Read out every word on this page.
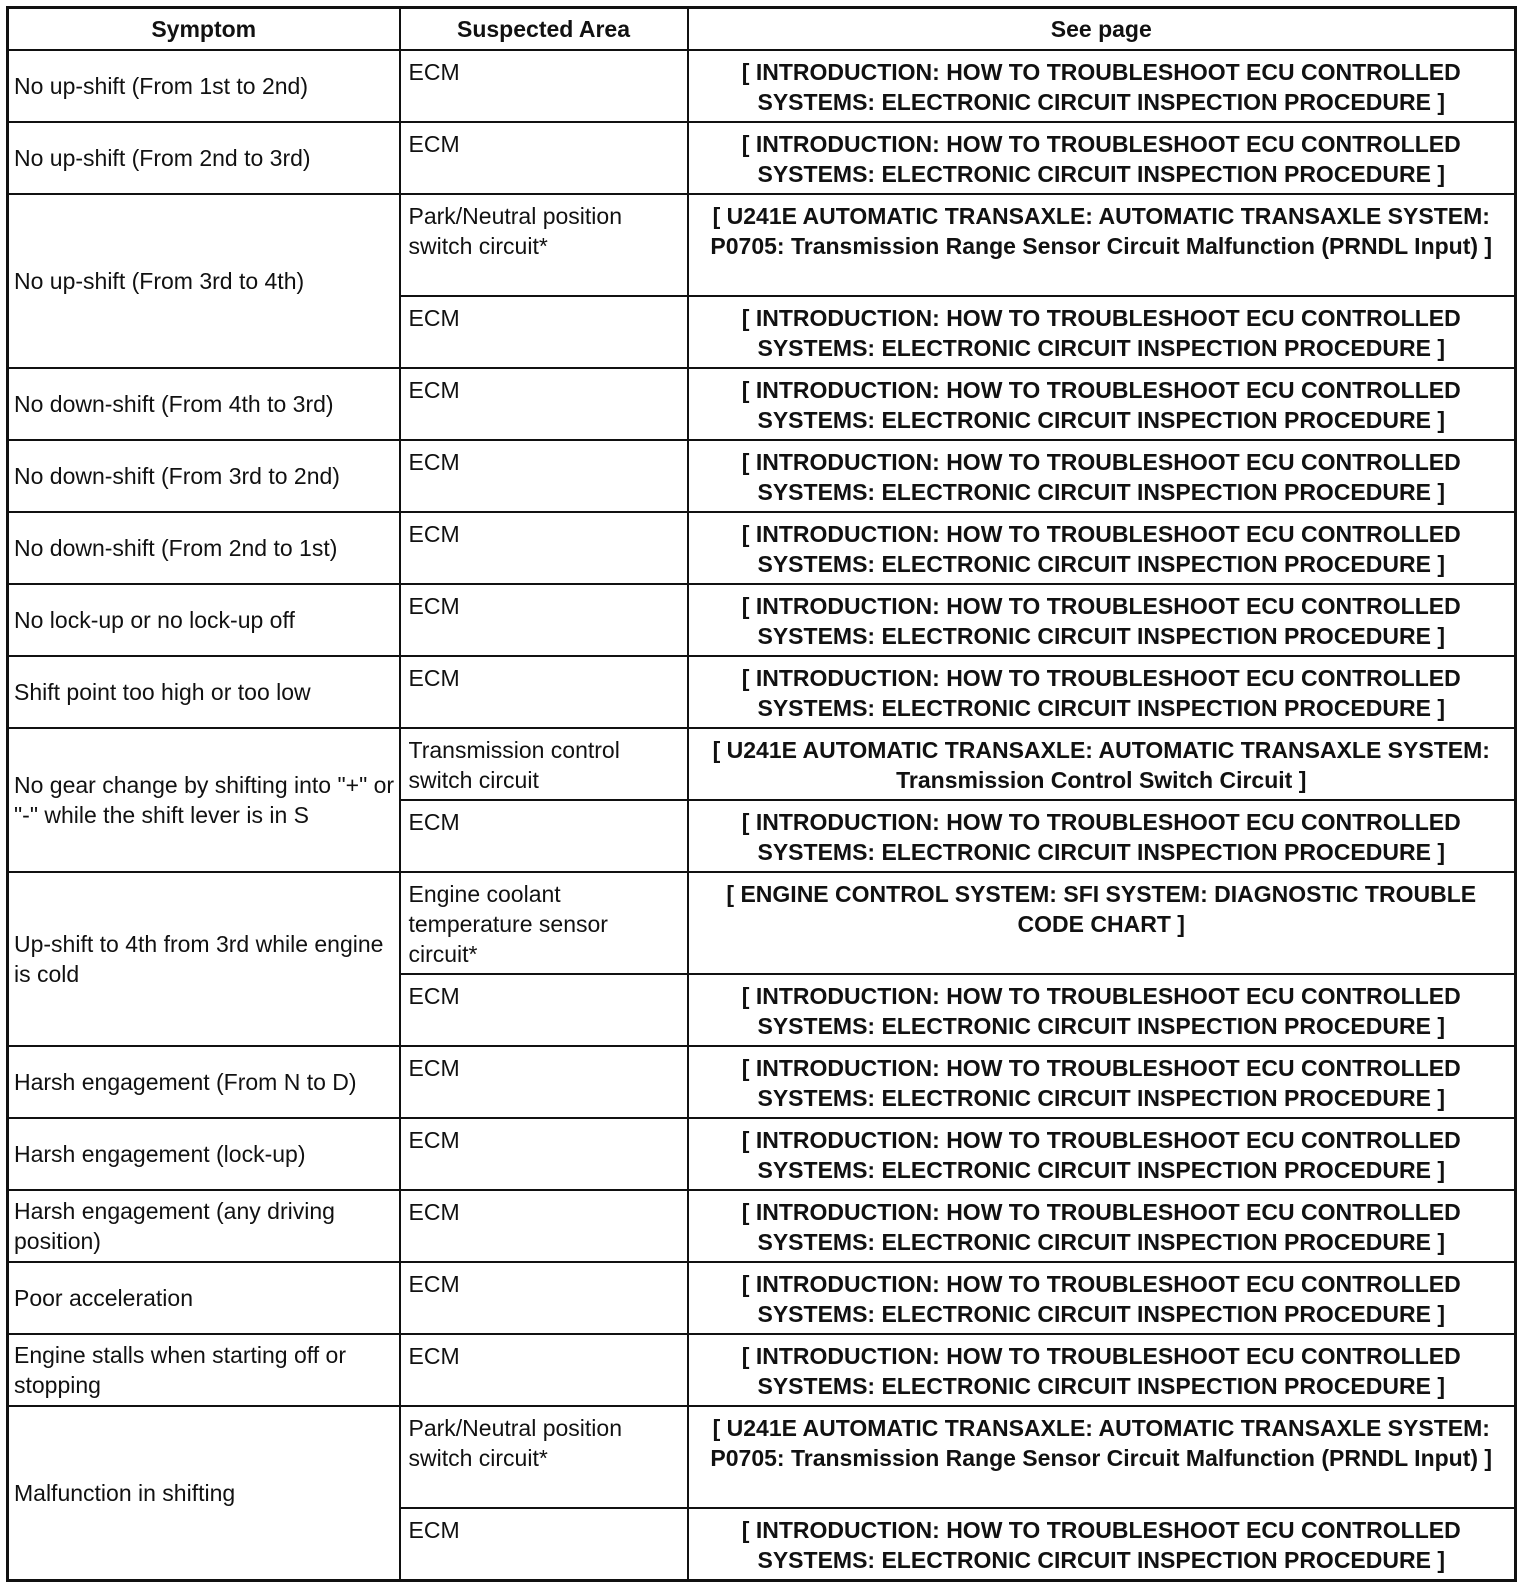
Symptom	Suspected Area	See page
No up-shift (From 1st to 2nd)	ECM	[ INTRODUCTION: HOW TO TROUBLESHOOT ECU CONTROLLED SYSTEMS: ELECTRONIC CIRCUIT INSPECTION PROCEDURE ]
No up-shift (From 2nd to 3rd)	ECM	[ INTRODUCTION: HOW TO TROUBLESHOOT ECU CONTROLLED SYSTEMS: ELECTRONIC CIRCUIT INSPECTION PROCEDURE ]
No up-shift (From 3rd to 4th)	Park/Neutral position switch circuit*	[ U241E AUTOMATIC TRANSAXLE: AUTOMATIC TRANSAXLE SYSTEM: P0705: Transmission Range Sensor Circuit Malfunction (PRNDL Input) ]
	ECM	[ INTRODUCTION: HOW TO TROUBLESHOOT ECU CONTROLLED SYSTEMS: ELECTRONIC CIRCUIT INSPECTION PROCEDURE ]
No down-shift (From 4th to 3rd)	ECM	[ INTRODUCTION: HOW TO TROUBLESHOOT ECU CONTROLLED SYSTEMS: ELECTRONIC CIRCUIT INSPECTION PROCEDURE ]
No down-shift (From 3rd to 2nd)	ECM	[ INTRODUCTION: HOW TO TROUBLESHOOT ECU CONTROLLED SYSTEMS: ELECTRONIC CIRCUIT INSPECTION PROCEDURE ]
No down-shift (From 2nd to 1st)	ECM	[ INTRODUCTION: HOW TO TROUBLESHOOT ECU CONTROLLED SYSTEMS: ELECTRONIC CIRCUIT INSPECTION PROCEDURE ]
No lock-up or no lock-up off	ECM	[ INTRODUCTION: HOW TO TROUBLESHOOT ECU CONTROLLED SYSTEMS: ELECTRONIC CIRCUIT INSPECTION PROCEDURE ]
Shift point too high or too low	ECM	[ INTRODUCTION: HOW TO TROUBLESHOOT ECU CONTROLLED SYSTEMS: ELECTRONIC CIRCUIT INSPECTION PROCEDURE ]
No gear change by shifting into "+" or "-" while the shift lever is in S	Transmission control switch circuit	[ U241E AUTOMATIC TRANSAXLE: AUTOMATIC TRANSAXLE SYSTEM: Transmission Control Switch Circuit ]
	ECM	[ INTRODUCTION: HOW TO TROUBLESHOOT ECU CONTROLLED SYSTEMS: ELECTRONIC CIRCUIT INSPECTION PROCEDURE ]
Up-shift to 4th from 3rd while engine is cold	Engine coolant temperature sensor circuit*	[ ENGINE CONTROL SYSTEM: SFI SYSTEM: DIAGNOSTIC TROUBLE CODE CHART ]
	ECM	[ INTRODUCTION: HOW TO TROUBLESHOOT ECU CONTROLLED SYSTEMS: ELECTRONIC CIRCUIT INSPECTION PROCEDURE ]
Harsh engagement (From N to D)	ECM	[ INTRODUCTION: HOW TO TROUBLESHOOT ECU CONTROLLED SYSTEMS: ELECTRONIC CIRCUIT INSPECTION PROCEDURE ]
Harsh engagement (lock-up)	ECM	[ INTRODUCTION: HOW TO TROUBLESHOOT ECU CONTROLLED SYSTEMS: ELECTRONIC CIRCUIT INSPECTION PROCEDURE ]
Harsh engagement (any driving position)	ECM	[ INTRODUCTION: HOW TO TROUBLESHOOT ECU CONTROLLED SYSTEMS: ELECTRONIC CIRCUIT INSPECTION PROCEDURE ]
Poor acceleration	ECM	[ INTRODUCTION: HOW TO TROUBLESHOOT ECU CONTROLLED SYSTEMS: ELECTRONIC CIRCUIT INSPECTION PROCEDURE ]
Engine stalls when starting off or stopping	ECM	[ INTRODUCTION: HOW TO TROUBLESHOOT ECU CONTROLLED SYSTEMS: ELECTRONIC CIRCUIT INSPECTION PROCEDURE ]
Malfunction in shifting	Park/Neutral position switch circuit*	[ U241E AUTOMATIC TRANSAXLE: AUTOMATIC TRANSAXLE SYSTEM: P0705: Transmission Range Sensor Circuit Malfunction (PRNDL Input) ]
	ECM	[ INTRODUCTION: HOW TO TROUBLESHOOT ECU CONTROLLED SYSTEMS: ELECTRONIC CIRCUIT INSPECTION PROCEDURE ]
